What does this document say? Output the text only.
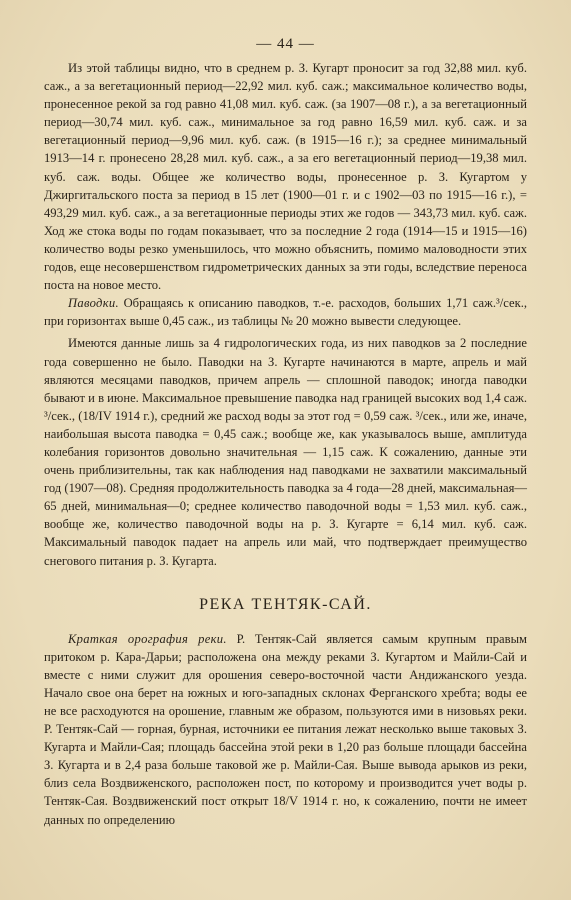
— 44 —

Из этой таблицы видно, что в среднем р. З. Кугарт проносит за год 32,88 мил. куб. саж., а за вегетационный период—22,92 мил. куб. саж.; максимальное количество воды, пронесенное рекой за год равно 41,08 мил. куб. саж. (за 1907—08 г.), а за вегетационный период—30,74 мил. куб. саж., минимальное за год равно 16,59 мил. куб. саж. и за вегетационный период—9,96 мил. куб. саж. (в 1915—16 г.); за среднее минимальный 1913—14 г. пронесено 28,28 мил. куб. саж., а за его вегетационный период—19,38 мил. куб. саж. воды. Общее же количество воды, пронесенное р. З. Кугартом у Джиргитальского поста за период в 15 лет (1900—01 г. и с 1902—03 по 1915—16 г.), = 493,29 мил. куб. саж., а за вегетационные периоды этих же годов — 343,73 мил. куб. саж. Ход же стока воды по годам показывает, что за последние 2 года (1914—15 и 1915—16) количество воды резко уменьшилось, что можно объяснить, помимо маловодности этих годов, еще несовершенством гидрометрических данных за эти годы, вследствие переноса поста на новое место.

Паводки. Обращаясь к описанию паводков, т.-е. расходов, больших 1,71 саж.³/сек., при горизонтах выше 0,45 саж., из таблицы № 20 можно вывести следующее.

Имеются данные лишь за 4 гидрологических года, из них паводков за 2 последние года совершенно не было. Паводки на З. Кугарте начинаются в марте, апрель и май являются месяцами паводков, причем апрель — сплошной паводок; иногда паводки бывают и в июне. Максимальное превышение паводка над границей высоких вод 1,4 саж. ³/сек., (18/IV 1914 г.), средний же расход воды за этот год = 0,59 саж. ³/сек., или же, иначе, наибольшая высота паводка = 0,45 саж.; вообще же, как указывалось выше, амплитуда колебания горизонтов довольно значительная — 1,15 саж. К сожалению, данные эти очень приблизительны, так как наблюдения над паводками не захватили максимальный год (1907—08). Средняя продолжительность паводка за 4 года—28 дней, максимальная—65 дней, минимальная—0; среднее количество паводочной воды = 1,53 мил. куб. саж., вообще же, количество паводочной воды на р. З. Кугарте = 6,14 мил. куб. саж. Максимальный паводок падает на апрель или май, что подтверждает преимущество снегового питания р. З. Кугарта.

РЕКА ТЕНТЯК-САЙ.

Краткая орография реки. Р. Тентяк-Сай является самым крупным правым притоком р. Кара-Дарьи; расположена она между реками З. Кугартом и Майли-Сай и вместе с ними служит для орошения северо-восточной части Андижанского уезда. Начало свое она берет на южных и юго-западных склонах Ферганского хребта; воды ее не все расходуются на орошение, главным же образом, пользуются ими в низовьях реки. Р. Тентяк-Сай — горная, бурная, источники ее питания лежат несколько выше таковых З. Кугарта и Майли-Сая; площадь бассейна этой реки в 1,20 раз больше площади бассейна З. Кугарта и в 2,4 раза больше таковой же р. Майли-Сая. Выше вывода арыков из реки, близ села Воздвиженского, расположен пост, по которому и производится учет воды р. Тентяк-Сая. Воздвиженский пост открыт 18/V 1914 г. но, к сожалению, почти не имеет данных по определению
